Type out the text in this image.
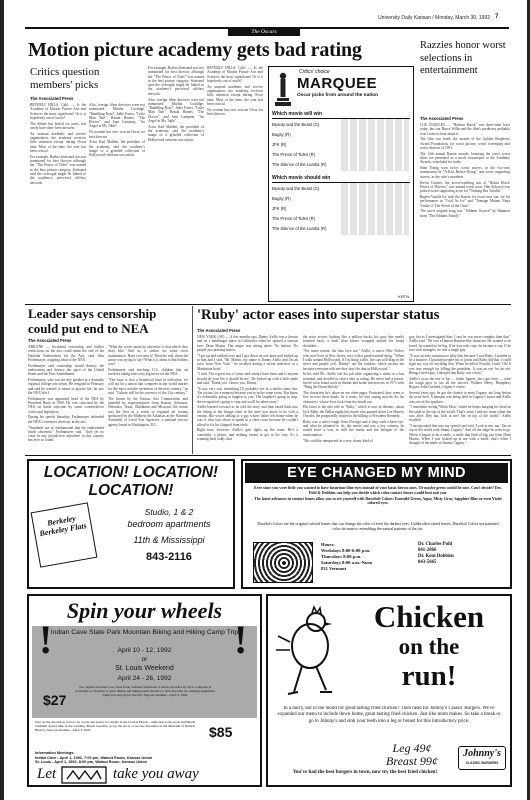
University Daily Kansan / Monday, March 30, 1992 7
The Oscars
Motion picture academy gets bad rating
Critics question members' picks
The Associated Press

BEVERLY HILLS, Calif. — Is the Academy of Motion Picture Arts and Sciences the most significant? Or is it hopelessly out of touch?

The debate has boiled for years, but rarely have there been answers.

An unusual academic and service organization, the academy receives little attention except during Oscar time. Most of the time, the year has been critical.

For example, Barbra Streisand was not nominated for best director although her "The Prince of Tides" was named in the best picture category. Streisand said the oversight might be linked to the academy's perceived old-boy network.

Also, foreign films directors were not nominated: Martha Coolidge, "Rambling Rose"; Jodie Foster, "Little Man Tate"; Randa Haines, "The Doctor"; and Jane Campion, "An Angel at My Table".

No woman has ever won an Oscar for best director.

Actor Karl Malden, the president of the academy, said the academy's image of a grizzled collection of Hollywood veterans was unfair.

For example, Barbra Streisand was not nominated for best director although her "The Prince of Tides" was named in the best picture category. Streisand said the oversight might be linked to the academy's perceived old-boy network.

Also, foreign films directors were not nominated: Martha Coolidge, "Rambling Rose"; Jodie Foster, "Little Man Tate"; Randa Haines, "The Doctor"; and Jane Campion, "An Angel at My Table".

Actor Karl Malden, the president of the academy, said the academy's image of a grizzled collection of Hollywood veterans was unfair.

BEVERLY HILLS, Calif. — Is the Academy of Motion Picture Arts and Sciences the most significant? Or is it hopelessly out of touch?

An unusual academic and service organization, the academy receives little attention except during Oscar time. Most of the time, the year has been critical.

No woman has ever won an Oscar for best director.

Critics' choice
MARQUEE
Oscar picks from around the nation
Which movie will win
Beauty and the Beast (G)
Bugsy (R)
JFK (R)
The Prince of Tides (R)
The Silence of the Lambs (R)
Which movie should win
Beauty and the Beast (G)
Bugsy (R)
JFK (R)
The Prince of Tides (R)
The Silence of the Lambs (R)
KRTN
Razzies honor worst selections in entertainment
The Associated Press

LOS ANGELES — "Hudson Hawk" was three-time loser today, but star Bruce Willis and the film's producers probably won't want to hear about it.

The film was feted, the awards of the Golden Raspberry Award Foundation, for worst picture, worst screenplay and worst director of 1991.

The 12th annual Razzie awards, honoring the year's worst films are presented as a mock counterpart to the Academy Awards, scheduled for today.

Sean Young won twice: worst actress, in the two-way nomination for "A Kiss Before Dying," and worst supporting actress, as the twin's murderer.

Kevin Costner, the arrow-wielding star of "Robin Hood: Prince of Thieves," was named worst actor. Dan Aykroyd was picked worst supporting actor for "Nothing But Trouble."

Rupert Vanilla Ice took the Razzie for worst new star, for his performance in "Cool As Ice" and "Teenage Mutant Ninja Turtles 2: The Secret of the Ooze."

The worst original song was "Addams Groove" by Hammer from "The Addams Family."

Leader says censorship could put end to NEA
The Associated Press

ABILENE — Increased censorship and further restrictions on the arts could mean the end of the National Endowment for the Arts, said John Frohnmayer, outgoing head of the NEA.

Frohnmayer said censorship would destroy the endowment and destroy the spirit of the United States and the First Amendment.

Frohnmayer, who was the key speaker at a Saturday regional college arts forum. He resigned in February and said he wanted to return to private life, he saw the NEA Was I.

Frohnmayer was appointed head of the NEA by President Bush in 1989. He was criticized by the NEA on harsh criticism by some conservatives critics and legislators.

During his speech Saturday, Frohnmayer defended the NEA's extensive diversity in the arts.

"Standards are so fundamental that the endowment funds obscenity," Frohnmayer said. "And yet no court in any jurisdiction anywhere in this country has ever so found.

"What the critics mean by obscenity is that which they don't like. And so, it strikes for some cross examination. Have you seen it? Then the real, those the arrow was trying to say? What is it about it that bothers you?

Frohnmayer said teaching U.S. children that art involves taking risks very big move on the NEA.

"The issue is first a beneficial kind of education, we will not be a nation that competes in the world market for the most creative invention of the next century," he said. "Culture will be the currency of the 21st century."

The forum by the Kansas Arts Commission, and attended by representatives from Kansas, Arkansas, Nebraska, Texas, Oklahoma and Missouri, the forum was the first in a series of regional art forums sponsored by the Midwest the Arkansas at the National Assembly of Local Arts Agencies, a national service agency based in Washington, D.C.

'Ruby' actor eases into superstar status
The Associated Press

NEW YORK (AP) — A few months ago, Danny Aiello was a known and on a hamburger place in California when he spotted a famous face: Dean Martin. The singer was sitting alone. No fanfare. No people just praising him to.

"I got up and walked over and I got down on one knee and looked up at him and I said, 'Mr. Martin, my name is Danny Aiello and I'm an actor from New York,'" he recalled during a recent interview at a Manhattan hotel.

"I said, 'I'm a great fan of yours and always have been and if anyone should do your life it should be me.' He looked up with a little smile and said, 'Thank you. I know you, Danny.'

"It was very sad, something I'll probably use in a movie some day. 'I'm joyous' for a moment because you're in the same room. You know it's eventually going to happen to you. The laughter's going to stop, the recognition's going to stop and you'll be taken away."

Aiello learned forward as he told the story and then eased back into the sitting at the lounge chair in the suite you know to be with a certain. But you're talking to a guy whose father left home when he was 4, who was afraid to speak in a class room because he couldn't afford to fix his chipped front teeth.

Right now, however, Aiello's grin lights up the room. He's a contender, a player, and nothing seems to get in his way. It's a winning hard today, that

the actor arrives looking like a million bucks, his gray hair neatly brushed back, a dark, blue blazer wrapped around his broad shoulders.

"For some reason, the fans love me," Aiello, a native New Yorker who now lives in New Jersey, says with a good-natured shrug. "When I walk around Hollywood, if I'm doing a film, the cars will drag in the street and people yell, 'Danny!' out the window, which excites me because everyone tells me they don't do that in Hollywood."

In his mid-50s, Aiello lost his job after organizing a strike at a bus terminal, and decided to take a shot at acting. He never had a lesson, but he soon found work in theater and broke into movies in 1973 with "Bang the Drum Slowly."

The characters he's taken on are often angry. Frustrated, they seem to live in over their heads. In a sense, he was saying movies do the characters, whose lives look from the inside out.

His latest is the title role in "Ruby," which is now in theaters, about Jack Ruby, the Dallas nightclub owner who gunned down Lee Harvey Oswald, the purportedly related to the killing of President Kennedy.

Ruby was a street tough from Chicago and a thug with a keen eye, and what he planned to do, the movie and was a key witness, he would have a way in with the mafia and the intrigue of the assassination.

"He could be interpreted as a very sleazy kind of

guy, but as I investigated him, I saw he was more complex than that," Aiello said. "He was a Damon Runyon-like character. He wanted to be loved, he wanted to be big. If he was with cops, he became a cop. If he was with strangers, he was a tough guy.

"It was an easy transition to play him because I was Ruby. I wanted to be a bouncer. I knocked people out of joints and Ruby did that. I could fight my way off anything that. When he killed Oswald, I said, 'Oh! It was true enough for killing the president. It was an eye for an eye. Being a street guy, I thought that Ruby was a hero."

Aiello's roots the rest of his — father figures, the cops from — were the tough guys to see all the movies: Wallace Beery, Humphrey Bogart, John Garfield, Cagney's a hero.

Several years ago, he got the chance to meet Cagney, not long before the actor died. A banquet was being held in Cagney's honor and Aiello was one of the speakers.

"I remember seeing 'White Heat,' where he keeps banging his head on the table at the top of the world. That's what I told my mom when she was alive. Hey ma, look at me! I'm on top of the world," Aiello recalled.

"I incorporated that into my speech and said, 'Look at me, ma.' I'm on top of the world with Jimmy Cagney." And off the stage he went to go. When it began to be a smile, a smile that kind of big just from Dean Martin. When I was looked up at me with a smile, that's when I thought of the smile of Jimmy Cagney."

LOCATION! LOCATION!
LOCATION!
Berkeley Berkeley Flats
Studio, 1 & 2
bedroom apartments
11th & Mississippi
843-2116
EYE CHANGED MY MIND

Ever since you were little you wanted to have luxurious blue eyes instead of your basic brown ones. Or maybe green would be nice. Can't decide? Drs. Pohl & Dobbins can help you decide which color contact lenses would best suit you.

The latest advances in contact lenses allow you to see yourself with DuraSoft Colors: Emerald Green, Aqua, Misty Gray, Sapphire Blue or even Violet colored eyes.

DuraSoft Colors are the original colored lenses that can change the color of even the darkest eyes. Unlike other tinted lenses, DuraSoft Colors use patented color dot matrix resembling the natural patterns of the iris.
Hours:
Weekdays 8:00-6:00 p.m.
Thursdays 8:00 p.m.
Saturdays 8:00 a.m.-Noon
831 Vermont
Dr. Charles Pohl
841-2866
Dr. Kent Dobbins
843-5665
Spin your wheels
Indian Cave State Park Mountain Biking and Hiking Camp Trip
April 10 - 12, 1992
or
St. Louis Weekend
April 24 - 26, 1992
!	!
$27
Two nights at Indian Cave State Park, Schubert Nebraska, 3 meals provided by SUA, complete is accessible to 30 miles of great biking and hiking trails! Receive a 10% discount on camping equipment when you sign up for the trip. Sign-up deadline - April 3, 1992
Stay on the Arterial in town to St. Louis and spend two nights in the Clarion Hotels - right next to the Arch and Busch Stadium! Spend time in the Landing, Busch Gardens, go up the Arch, or see the dinosaurs in the Museum of Natural History. Sign-up deadline - April 3, 1992	$85
Information Meetings:
Indian Cave - April 1, 1992, 7:00 pm, Walnut Room, Kansas Union
St. Louis - April 1, 1992, 8:00 pm, Walnut Room, Kansas Union
Let	take you away
Chicken
on the
run!
In a hurry, but in the mood for great tasting fried chicken? Then head for Johnny's Classic Burgers. We've expanded our menu to include down home, great tasting fried chicken. Just like mom makes. So take a break or go to Johnny's and sink your teeth into a leg or breast for this introductory price:
Leg 49¢
Breast 99¢
Johnny's
CLASSIC BURGERS
You've had the best burgers in town, now try the best fried chicken!
